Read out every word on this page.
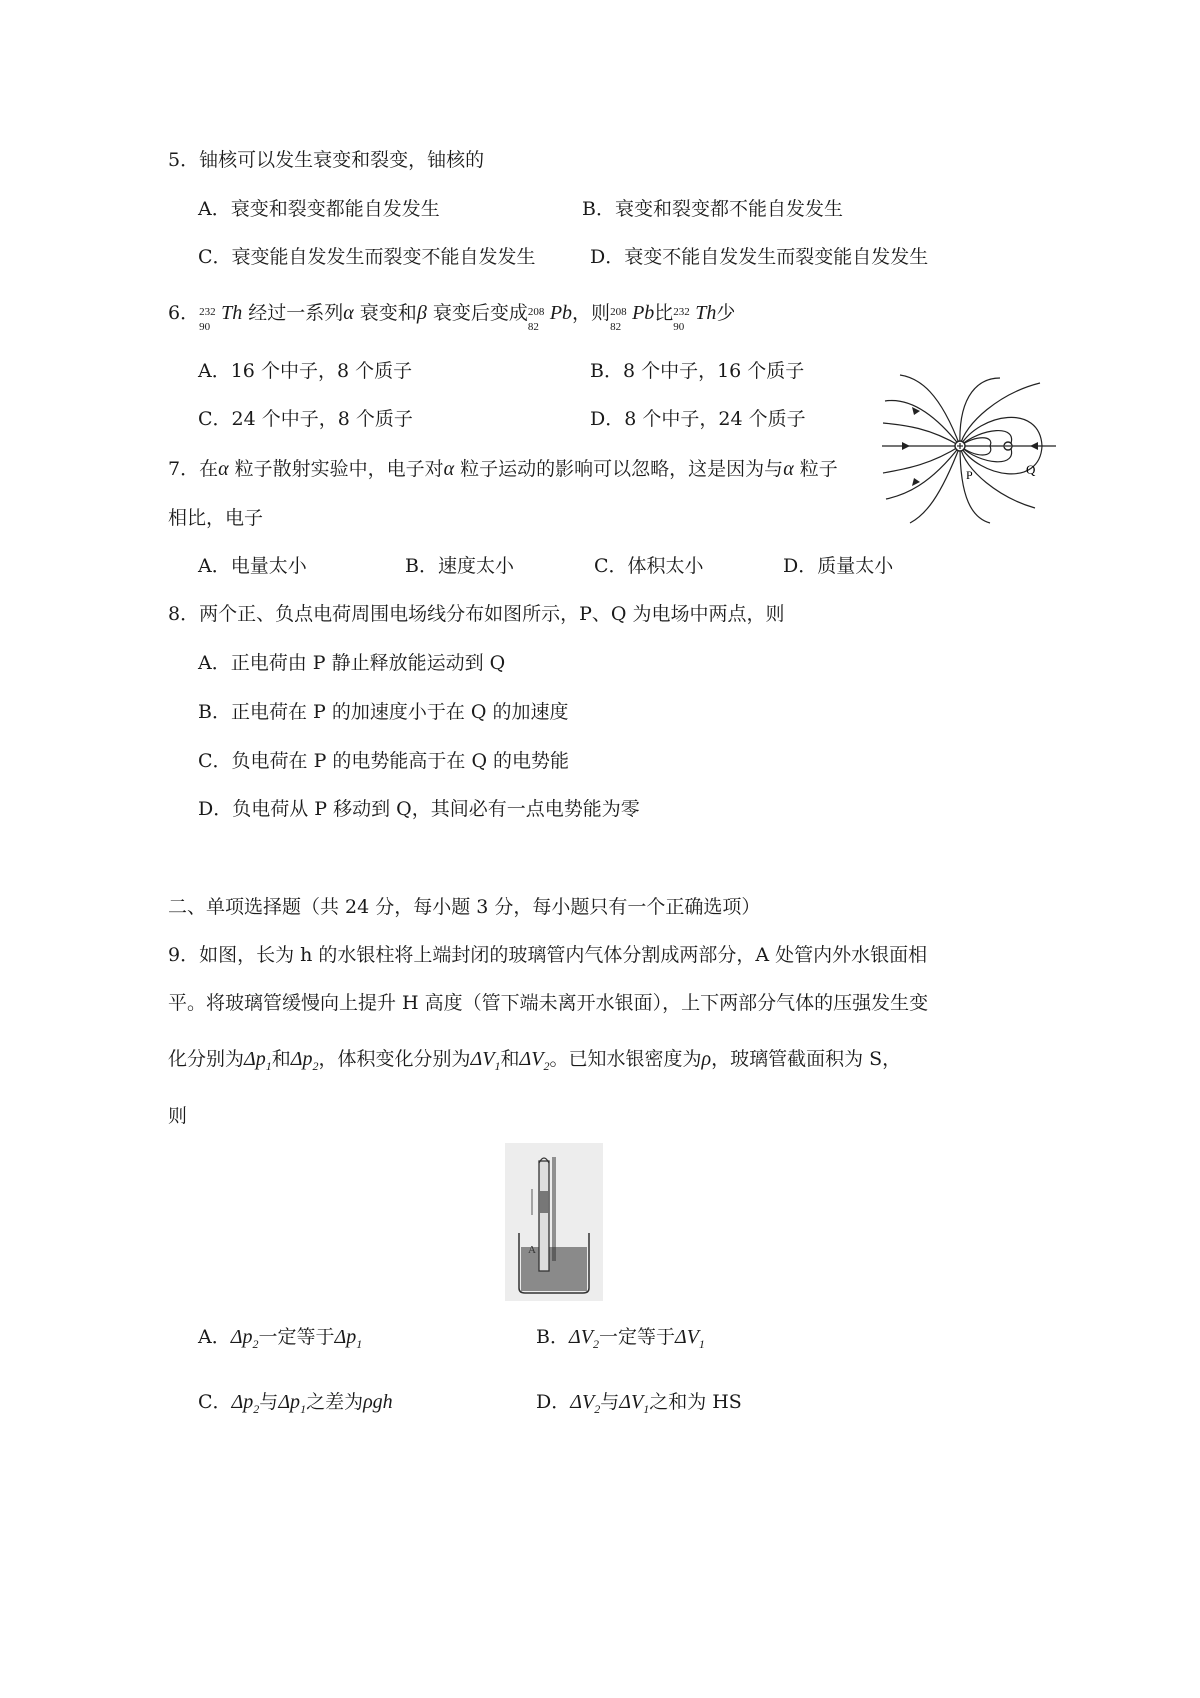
5．铀核可以发生衰变和裂变，铀核的
A．衰变和裂变都能自发发生	B．衰变和裂变都不能自发发生
C．衰变能自发发生而裂变不能自发发生	D．衰变不能自发发生而裂变能自发发生
6． 232
90
Th 经过一系列α 衰变和β 衰变后变成 208
82
Pb，则 208
82
Pb比 232
90
Th少
A．16 个中子，8 个质子	B．8 个中子，16 个质子
C．24 个中子，8 个质子	D．8 个中子，24 个质子
P	Q
7．在α 粒子散射实验中，电子对α 粒子运动的影响可以忽略，这是因为与α 粒子
相比，电子
A．电量太小	B．速度太小	C．体积太小	D．质量太小
8．两个正、负点电荷周围电场线分布如图所示，P、Q 为电场中两点，则
A．正电荷由 P 静止释放能运动到 Q
B．正电荷在 P 的加速度小于在 Q 的加速度
C．负电荷在 P 的电势能高于在 Q 的电势能
D．负电荷从 P 移动到 Q，其间必有一点电势能为零
二、单项选择题（共 24 分，每小题 3 分，每小题只有一个正确选项）
9．如图，长为 h 的水银柱将上端封闭的玻璃管内气体分割成两部分，A 处管内外水银面相
平。将玻璃管缓慢向上提升 H 高度（管下端未离开水银面），上下两部分气体的压强发生变
化分别为$\Delta p_1$和$\Delta p_2$，体积变化分别为$\Delta V_1$和$\Delta V_2$。已知水银密度为ρ，玻璃管截面积为 S，
则
A
A．$\Delta p_2$一定等于$\Delta p_1$	B．$\Delta V_2$一定等于$\Delta V_1$
C．$\Delta p_2$与$\Delta p_1$之差为ρgh	D．$\Delta V_2$与$\Delta V_1$之和为 HS
